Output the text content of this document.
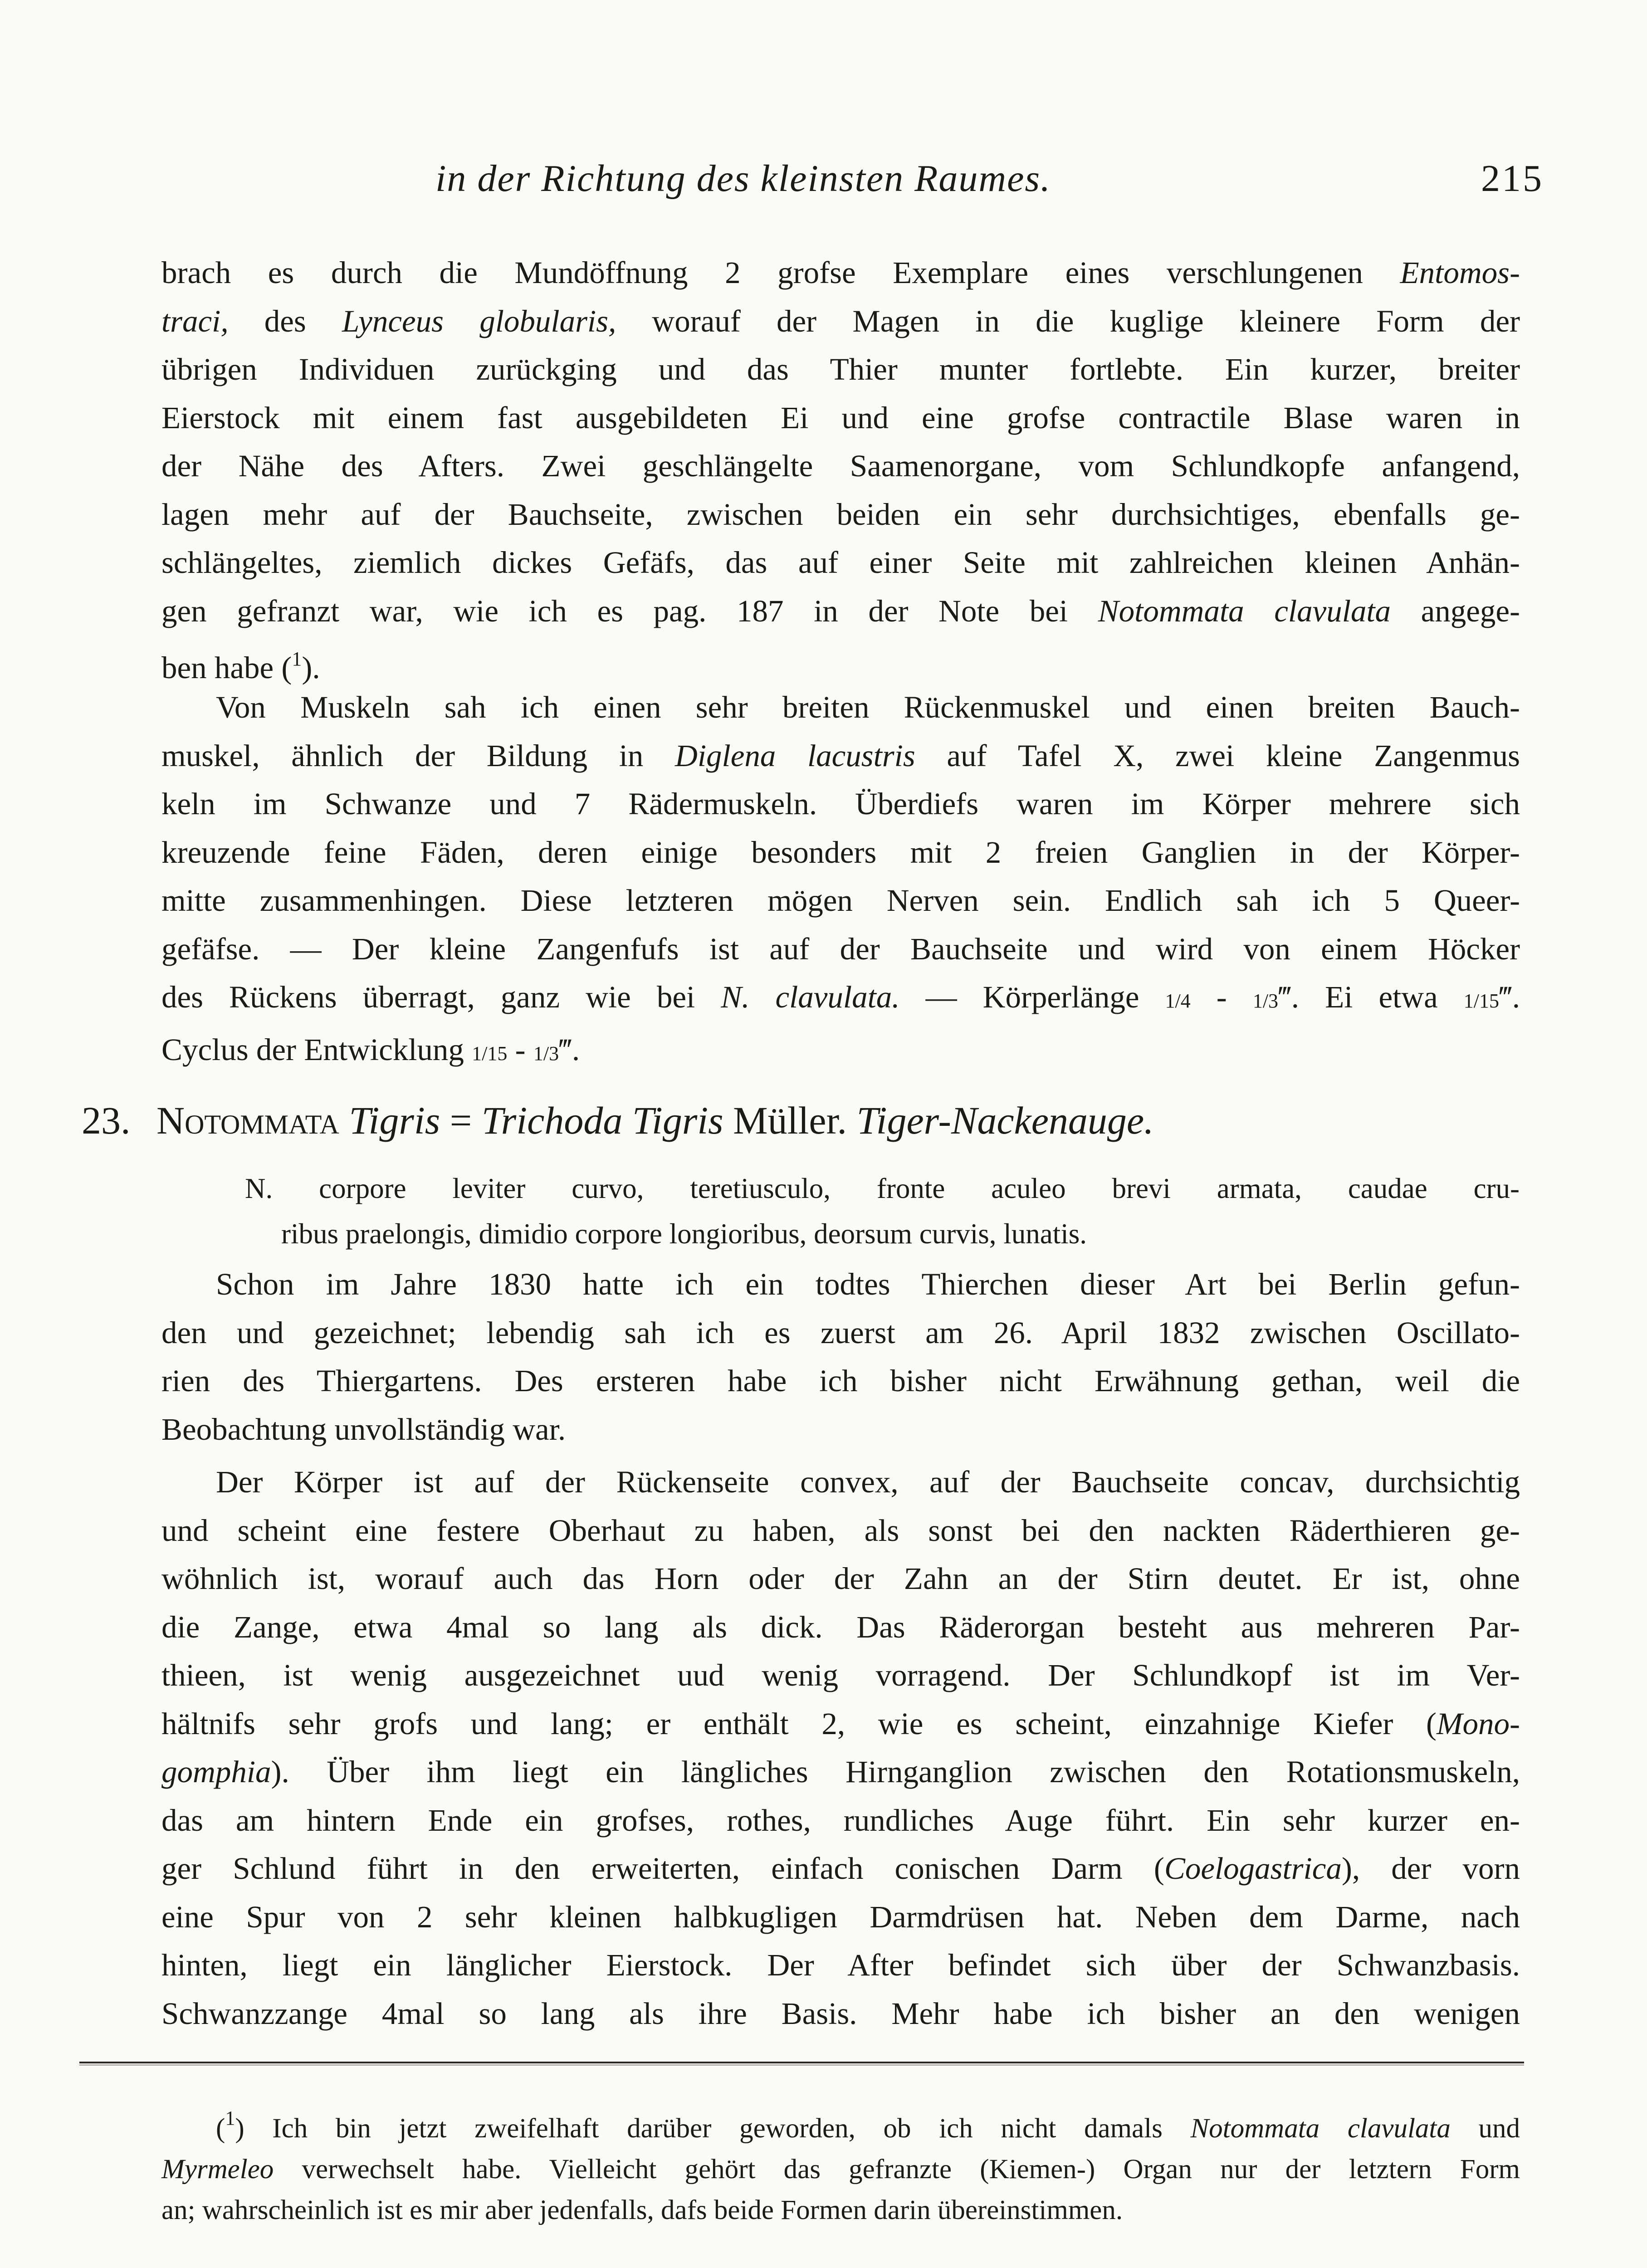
in der Richtung des kleinsten Raumes.	215

brach es durch die Mundöffnung 2 grofse Exemplare eines verschlungenen Entomos-

traci, des Lynceus globularis, worauf der Magen in die kuglige kleinere Form der

übrigen Individuen zurückging und das Thier munter fortlebte. Ein kurzer, breiter

Eierstock mit einem fast ausgebildeten Ei und eine grofse contractile Blase waren in

der Nähe des Afters. Zwei geschlängelte Saamenorgane, vom Schlundkopfe anfangend,

lagen mehr auf der Bauchseite, zwischen beiden ein sehr durchsichtiges, ebenfalls ge-

schlängeltes, ziemlich dickes Gefäfs, das auf einer Seite mit zahlreichen kleinen Anhän-

gen gefranzt war, wie ich es pag. 187 in der Note bei Notommata clavulata angege-

ben habe ($^1$).

Von Muskeln sah ich einen sehr breiten Rückenmuskel und einen breiten Bauch-

muskel, ähnlich der Bildung in Diglena lacustris auf Tafel X, zwei kleine Zangenmus

keln im Schwanze und 7 Rädermuskeln. Überdiefs waren im Körper mehrere sich

kreuzende feine Fäden, deren einige besonders mit 2 freien Ganglien in der Körper-

mitte zusammenhingen. Diese letzteren mögen Nerven sein. Endlich sah ich 5 Queer-

gefäfse. — Der kleine Zangenfufs ist auf der Bauchseite und wird von einem Höcker

des Rückens überragt, ganz wie bei N. clavulata. — Körperlänge 1/4 - 1/3‴. Ei etwa 1/15‴.

Cyclus der Entwicklung 1/15 - 1/3‴.

23. Notommata Tigris = Trichoda Tigris Müller. Tiger-Nackenauge.
N. corpore leviter curvo, teretiusculo, fronte aculeo brevi armata, caudae cru-
ribus praelongis, dimidio corpore longioribus, deorsum curvis, lunatis.

Schon im Jahre 1830 hatte ich ein todtes Thierchen dieser Art bei Berlin gefun-

den und gezeichnet; lebendig sah ich es zuerst am 26. April 1832 zwischen Oscillato-

rien des Thiergartens. Des ersteren habe ich bisher nicht Erwähnung gethan, weil die

Beobachtung unvollständig war.

Der Körper ist auf der Rückenseite convex, auf der Bauchseite concav, durchsichtig

und scheint eine festere Oberhaut zu haben, als sonst bei den nackten Räderthieren ge-

wöhnlich ist, worauf auch das Horn oder der Zahn an der Stirn deutet. Er ist, ohne

die Zange, etwa 4mal so lang als dick. Das Räderorgan besteht aus mehreren Par-

thieen, ist wenig ausgezeichnet uud wenig vorragend. Der Schlundkopf ist im Ver-

hältnifs sehr grofs und lang; er enthält 2, wie es scheint, einzahnige Kiefer (Mono-

gomphia). Über ihm liegt ein längliches Hirnganglion zwischen den Rotationsmuskeln,

das am hintern Ende ein grofses, rothes, rundliches Auge führt. Ein sehr kurzer en-

ger Schlund führt in den erweiterten, einfach conischen Darm (Coelogastrica), der vorn

eine Spur von 2 sehr kleinen halbkugligen Darmdrüsen hat. Neben dem Darme, nach

hinten, liegt ein länglicher Eierstock. Der After befindet sich über der Schwanzbasis.

Schwanzzange 4mal so lang als ihre Basis. Mehr habe ich bisher an den wenigen

($^1$) Ich bin jetzt zweifelhaft darüber geworden, ob ich nicht damals Notommata clavulata und
Myrmeleo verwechselt habe. Vielleicht gehört das gefranzte (Kiemen-) Organ nur der letztern Form
an; wahrscheinlich ist es mir aber jedenfalls, dafs beide Formen darin übereinstimmen.
